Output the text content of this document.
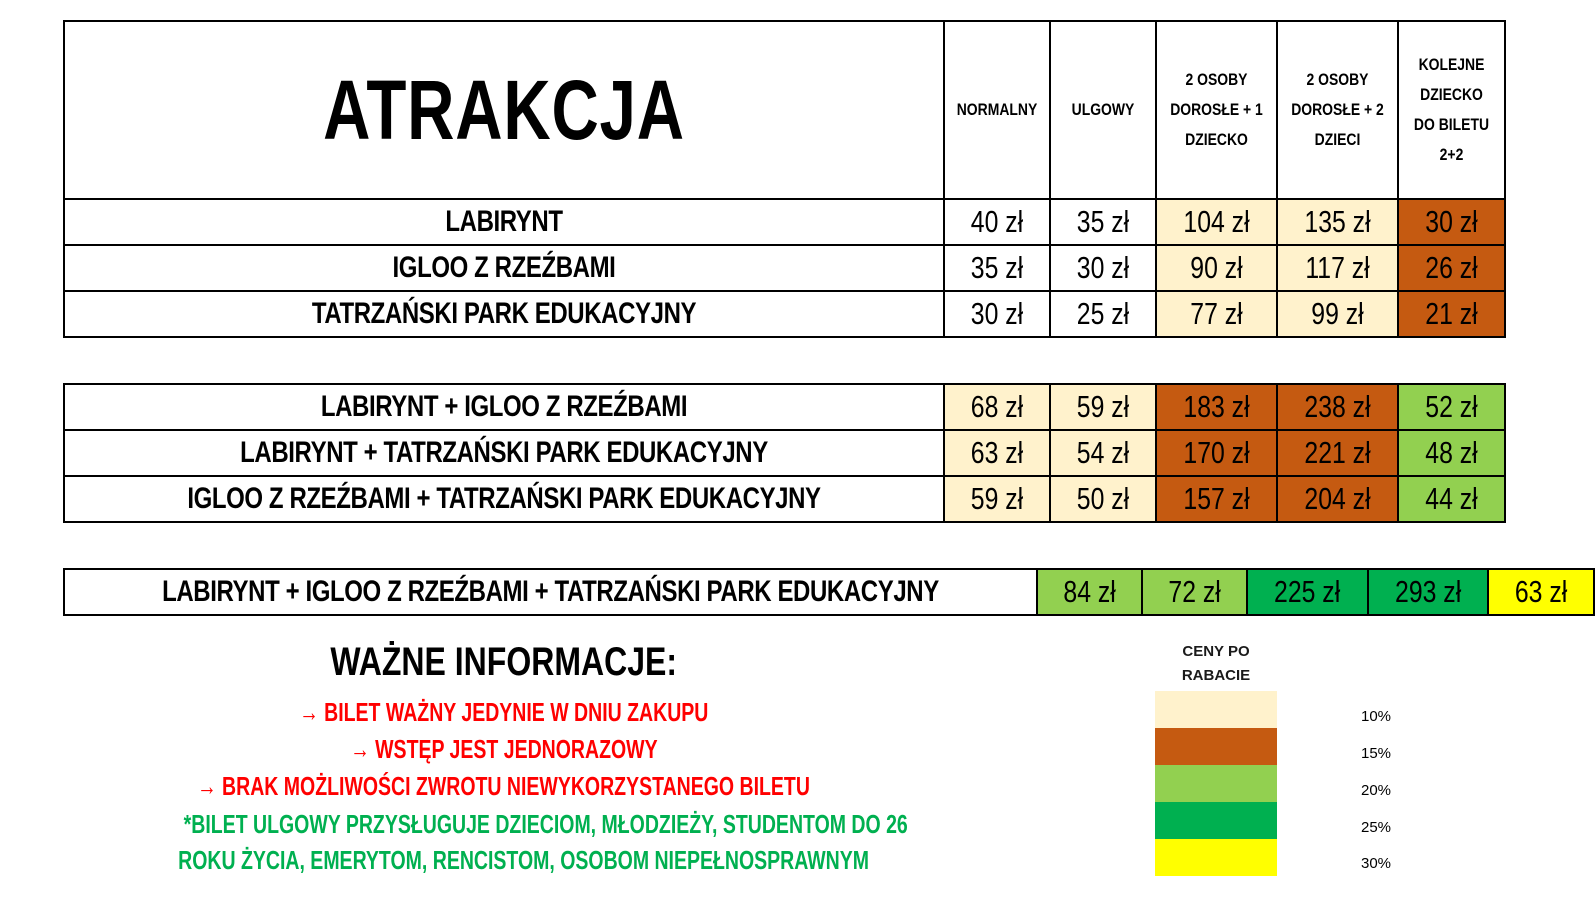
ATRAKCJA	NORMALNY	ULGOWY	2 OSOBY DOROSŁE + 1 DZIECKO	2 OSOBY DOROSŁE + 2 DZIECI	KOLEJNE DZIECKO DO BILETU 2+2

LABIRYNT	40 zł	35 zł	104 zł	135 zł	30 zł

IGLOO Z RZEŹBAMI	35 zł	30 zł	90 zł	117 zł	26 zł

TATRZAŃSKI PARK EDUKACYJNY	30 zł	25 zł	77 zł	99 zł	21 zł
LABIRYNT + IGLOO Z RZEŹBAMI	68 zł	59 zł	183 zł	238 zł	52 zł

LABIRYNT + TATRZAŃSKI PARK EDUKACYJNY	63 zł	54 zł	170 zł	221 zł	48 zł

IGLOO Z RZEŹBAMI + TATRZAŃSKI PARK EDUKACYJNY	59 zł	50 zł	157 zł	204 zł	44 zł
LABIRYNT + IGLOO Z RZEŹBAMI + TATRZAŃSKI PARK EDUKACYJNY	84 zł	72 zł	225 zł	293 zł	63 zł
WAŻNE INFORMACJE:
→ BILET WAŻNY JEDYNIE W DNIU ZAKUPU
→ WSTĘP JEST JEDNORAZOWY
→ BRAK MOŻLIWOŚCI ZWROTU NIEWYKORZYSTANEGO BILETU
*BILET ULGOWY PRZYSŁUGUJE DZIECIOM, MŁODZIEŻY, STUDENTOM DO 26
ROKU ŻYCIA, EMERYTOM, RENCISTOM, OSOBOM NIEPEŁNOSPRAWNYM
CENY PO RABACIE
10%
15%
20%
25%
30%
